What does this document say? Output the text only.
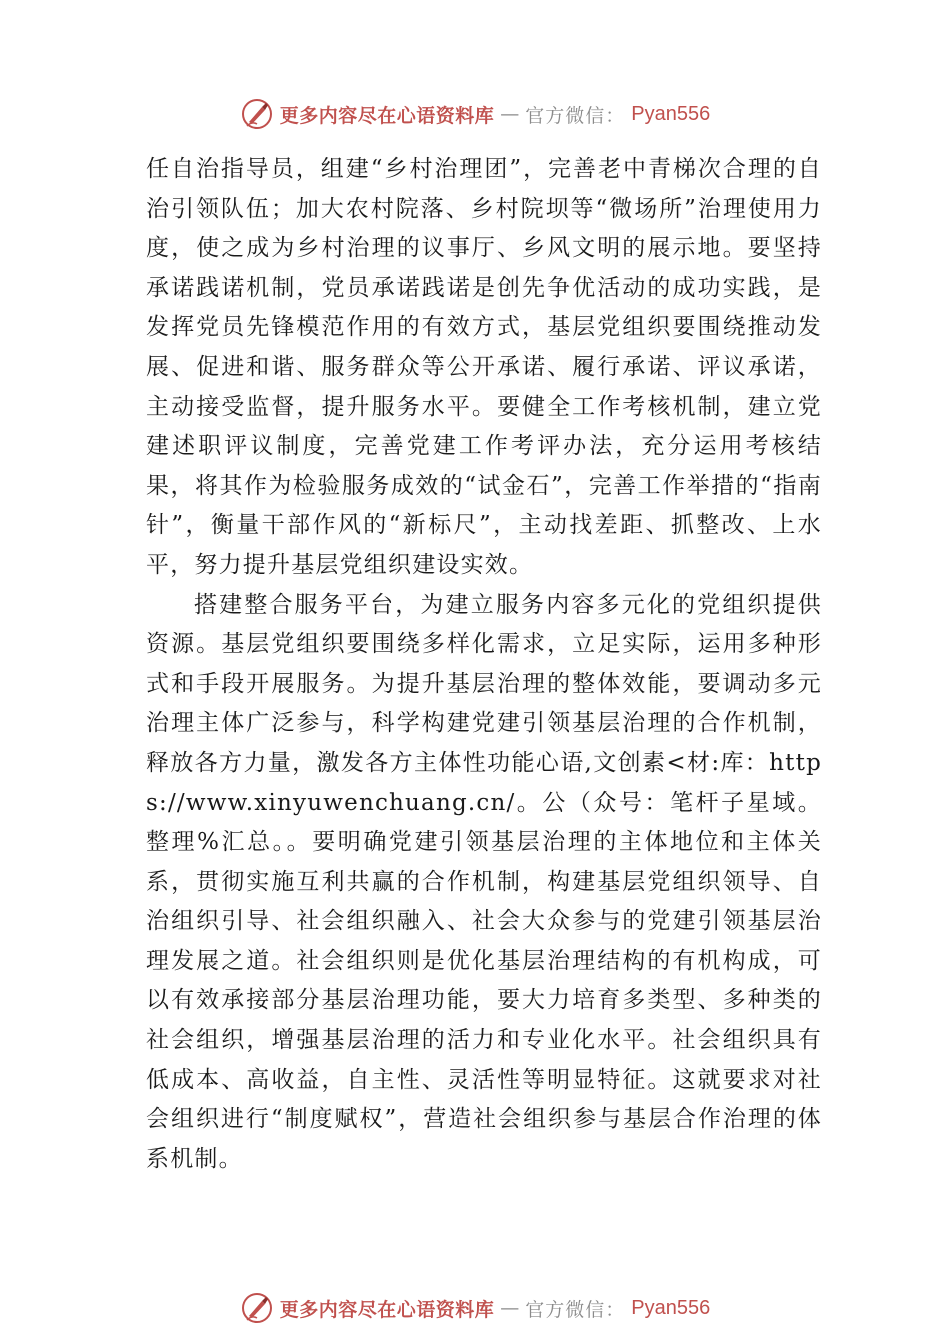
更多内容尽在心语资料库 — 官方微信： Pyan556

任自治指导员，组建“乡村治理团”，完善老中青梯次合理的自治引领队伍；加大农村院落、乡村院坝等“微场所”治理使用力度，使之成为乡村治理的议事厅、乡风文明的展示地。要坚持承诺践诺机制，党员承诺践诺是创先争优活动的成功实践，是发挥党员先锋模范作用的有效方式，基层党组织要围绕推动发展、促进和谐、服务群众等公开承诺、履行承诺、评议承诺，主动接受监督，提升服务水平。要健全工作考核机制，建立党建述职评议制度，完善党建工作考评办法，充分运用考核结果，将其作为检验服务成效的“试金石”，完善工作举措的“指南针”，衡量干部作风的“新标尺”，主动找差距、抓整改、上水平，努力提升基层党组织建设实效。

搭建整合服务平台，为建立服务内容多元化的党组织提供资源。基层党组织要围绕多样化需求，立足实际，运用多种形式和手段开展服务。为提升基层治理的整体效能，要调动多元治理主体广泛参与，科学构建党建引领基层治理的合作机制，释放各方力量，激发各方主体性功能心语,文创素<材:库：https://www.xinyuwenchuang.cn/。公（众号：笔杆子星域。整理%汇总。。要明确党建引领基层治理的主体地位和主体关系，贯彻实施互利共赢的合作机制，构建基层党组织领导、自治组织引导、社会组织融入、社会大众参与的党建引领基层治理发展之道。社会组织则是优化基层治理结构的有机构成，可以有效承接部分基层治理功能，要大力培育多类型、多种类的社会组织，增强基层治理的活力和专业化水平。社会组织具有低成本、高收益，自主性、灵活性等明显特征。这就要求对社会组织进行“制度赋权”，营造社会组织参与基层合作治理的体系机制。

更多内容尽在心语资料库 — 官方微信： Pyan556
